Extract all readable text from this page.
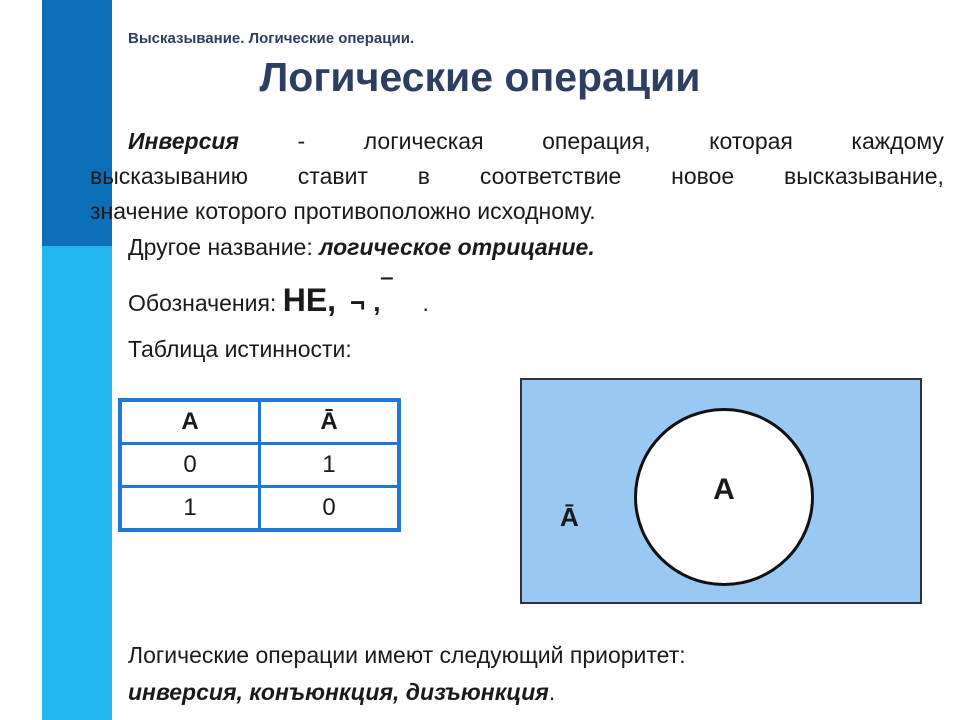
Высказывание. Логические операции.
Логические операции
Инверсия	-	логическая	операция,	которая	каждому
высказыванию ставит в соответствие новое высказывание,
значение которого противоположно исходному.
Другое название: логическое отрицание.
Обозначения: НЕ, ¬ , ‾ .
Таблица истинности:
A	Ā
0	1
1	0
A
Ā
Логические операции имеют следующий приоритет:
инверсия, конъюнкция, дизъюнкция.
